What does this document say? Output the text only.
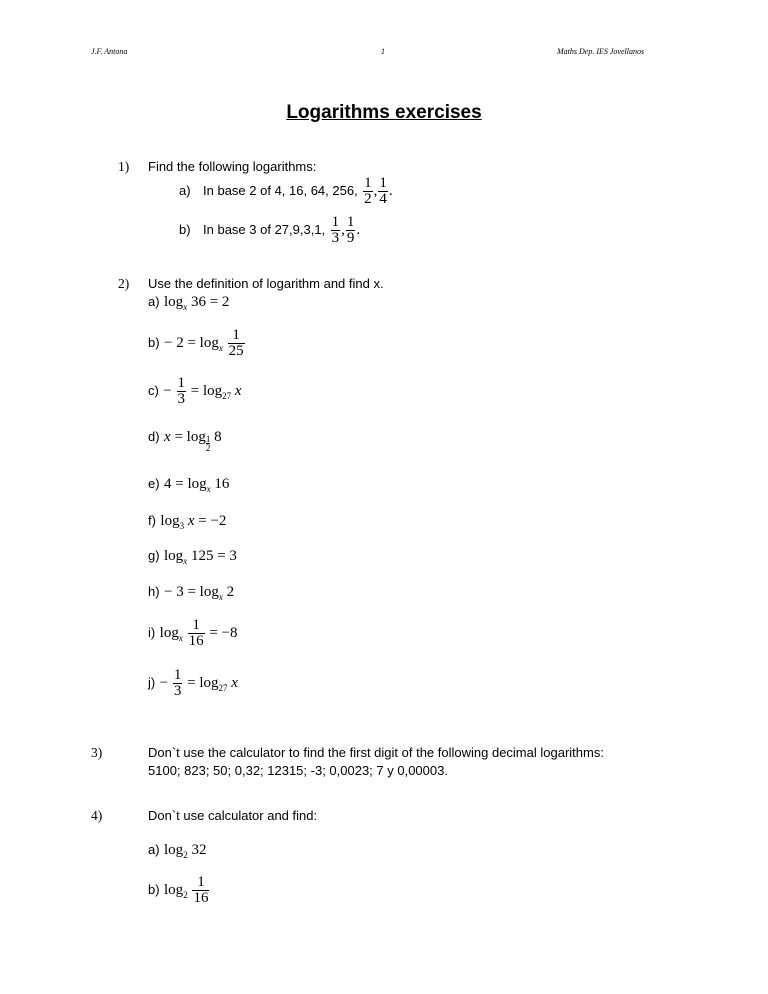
J.F. Antona	1	Maths Dep. IES Jovellanos
Logarithms exercises
1) Find the following logarithms:
a) In base 2 of 4, 16, 64, 256, $\frac{1}{2}$ , $\frac{1}{4}$ .
b) In base 3 of 27,9,3,1, $\frac{1}{3}$ , $\frac{1}{9}$ .
2) Use the definition of logarithm and find x.
a) $\log_x 36 = 2$
$b) - 2 = \log_x \frac{1}{25}$
$c) - \frac{1}{3} = \log_{27} x$
d) $x = \log \frac{1}{2} 8$
e) $4 = \log_x 16$
f) $\log_3 x = -2$
g) $\log_x 125 = 3$
$h) - 3 = \log_x 2$
i) $\log_x \frac{1}{16} = -8$
$j) - \frac{1}{3} = \log_{27} x$
3)	Don`t use the calculator to find the first digit of the following decimal logarithms:
5100; 823; 50; 0,32; 12315; -3; 0,0023; 7 y 0,00003.
4)	Don`t use calculator and find:
a) $\log_2 32$
b) $\log_2 \frac{1}{16}$
